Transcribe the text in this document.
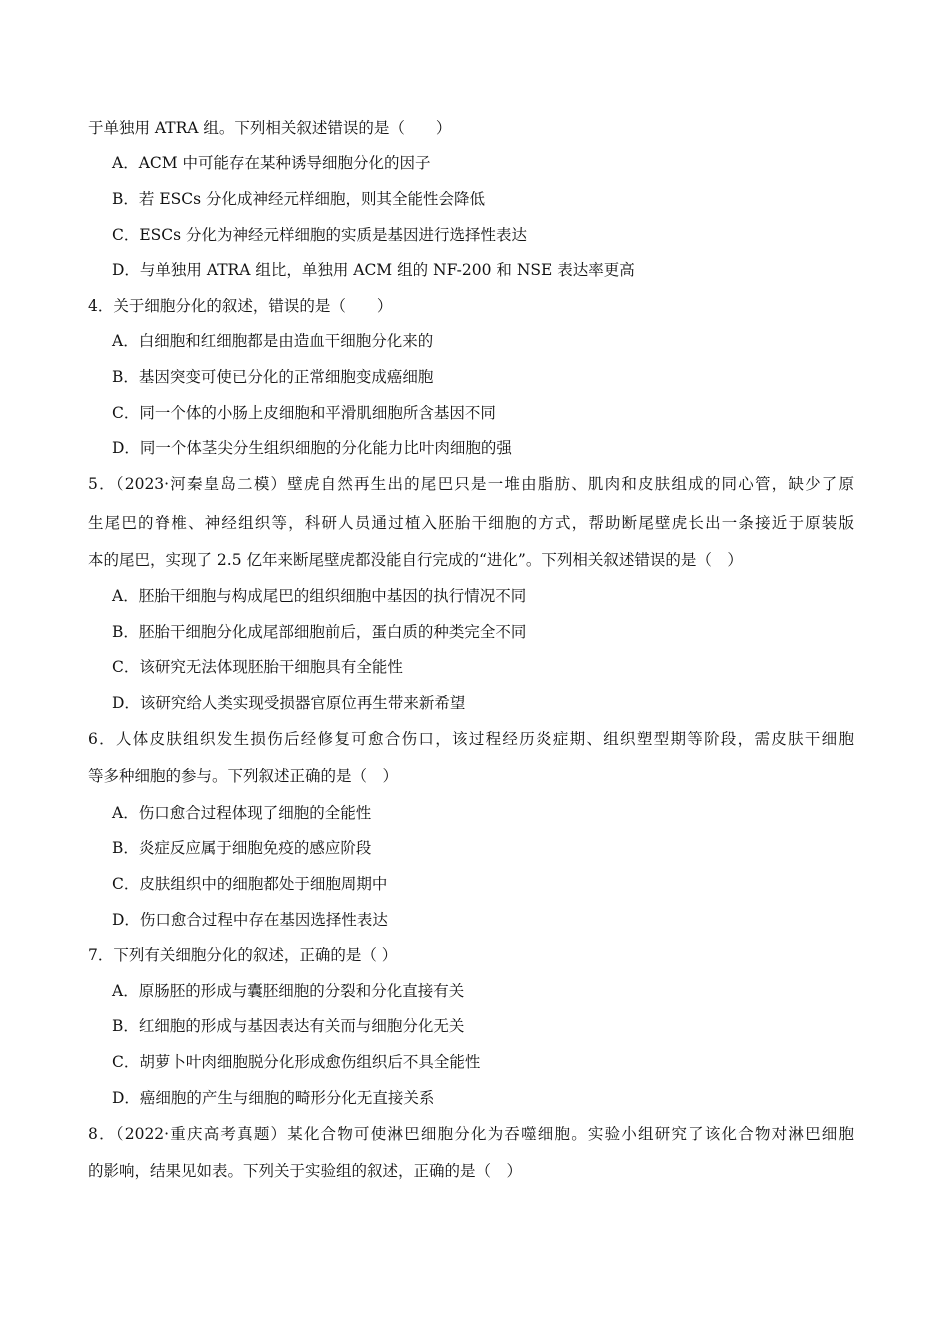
于单独用 ATRA 组。下列相关叙述错误的是（　　）
A．ACM 中可能存在某种诱导细胞分化的因子
B．若 ESCs 分化成神经元样细胞，则其全能性会降低
C．ESCs 分化为神经元样细胞的实质是基因进行选择性表达
D．与单独用 ATRA 组比，单独用 ACM 组的 NF-200 和 NSE 表达率更高
4．关于细胞分化的叙述，错误的是（　　）
A．白细胞和红细胞都是由造血干细胞分化来的
B．基因突变可使已分化的正常细胞变成癌细胞
C．同一个体的小肠上皮细胞和平滑肌细胞所含基因不同
D．同一个体茎尖分生组织细胞的分化能力比叶肉细胞的强
5．（2023·河秦皇岛二模）壁虎自然再生出的尾巴只是一堆由脂肪、肌肉和皮肤组成的同心管，缺少了原
生尾巴的脊椎、神经组织等，科研人员通过植入胚胎干细胞的方式，帮助断尾壁虎长出一条接近于原装版
本的尾巴，实现了 2.5 亿年来断尾壁虎都没能自行完成的“进化”。下列相关叙述错误的是（　）
A．胚胎干细胞与构成尾巴的组织细胞中基因的执行情况不同
B．胚胎干细胞分化成尾部细胞前后，蛋白质的种类完全不同
C．该研究无法体现胚胎干细胞具有全能性
D．该研究给人类实现受损器官原位再生带来新希望
6．人体皮肤组织发生损伤后经修复可愈合伤口，该过程经历炎症期、组织塑型期等阶段，需皮肤干细胞
等多种细胞的参与。下列叙述正确的是（　）
A．伤口愈合过程体现了细胞的全能性
B．炎症反应属于细胞免疫的感应阶段
C．皮肤组织中的细胞都处于细胞周期中
D．伤口愈合过程中存在基因选择性表达
7．下列有关细胞分化的叙述，正确的是（ ）
A．原肠胚的形成与囊胚细胞的分裂和分化直接有关
B．红细胞的形成与基因表达有关而与细胞分化无关
C．胡萝卜叶肉细胞脱分化形成愈伤组织后不具全能性
D．癌细胞的产生与细胞的畸形分化无直接关系
8．（2022·重庆高考真题）某化合物可使淋巴细胞分化为吞噬细胞。实验小组研究了该化合物对淋巴细胞
的影响，结果见如表。下列关于实验组的叙述，正确的是（　）
